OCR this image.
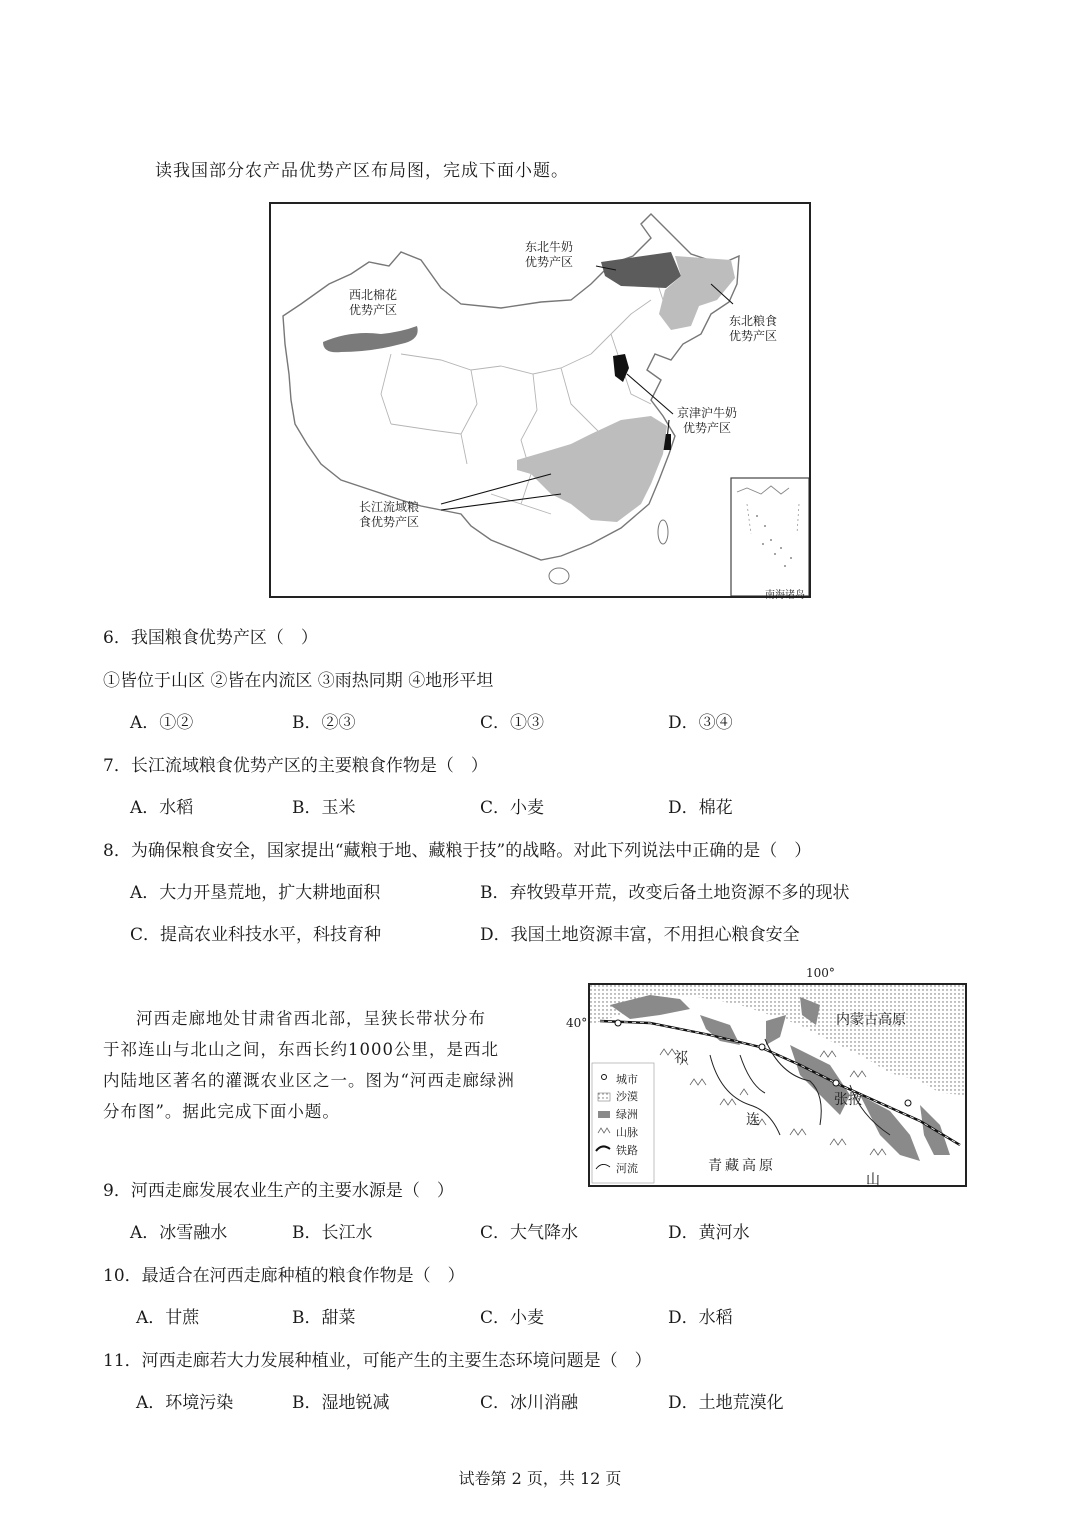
读我国部分农产品优势产区布局图，完成下面小题。
东北牛奶
优势产区
西北棉花
优势产区
东北粮食
优势产区
京津沪牛奶
优势产区
长江流域粮
食优势产区
南海诸岛
6．我国粮食优势产区（　）
①皆位于山区 ②皆在内流区 ③雨热同期 ④地形平坦
A．①②	B．②③	C．①③	D．③④
7．长江流域粮食优势产区的主要粮食作物是（　）
A．水稻	B．玉米	C．小麦	D．棉花
8．为确保粮食安全，国家提出“藏粮于地、藏粮于技”的战略。对此下列说法中正确的是（　）
A．大力开垦荒地，扩大耕地面积	B．弃牧毁草开荒，改变后备土地资源不多的现状
C．提高农业科技水平，科技育种	D．我国土地资源丰富，不用担心粮食安全
河西走廊地处甘肃省西北部，呈狭长带状分布
于祁连山与北山之间，东西长约1000公里，是西北
内陆地区著名的灌溉农业区之一。图为“河西走廊绿洲
分布图”。据此完成下面小题。
100°
40°
城市
沙漠
绿洲
山脉
铁路
河流
内蒙古高原
青藏高原
祁
连
山
张掖
9．河西走廊发展农业生产的主要水源是（　）
A．冰雪融水	B．长江水	C．大气降水	D．黄河水
10．最适合在河西走廊种植的粮食作物是（　）
A．甘蔗	B．甜菜	C．小麦	D．水稻
11．河西走廊若大力发展种植业，可能产生的主要生态环境问题是（　）
A．环境污染	B．湿地锐减	C．冰川消融	D．土地荒漠化
试卷第 2 页，共 12 页
